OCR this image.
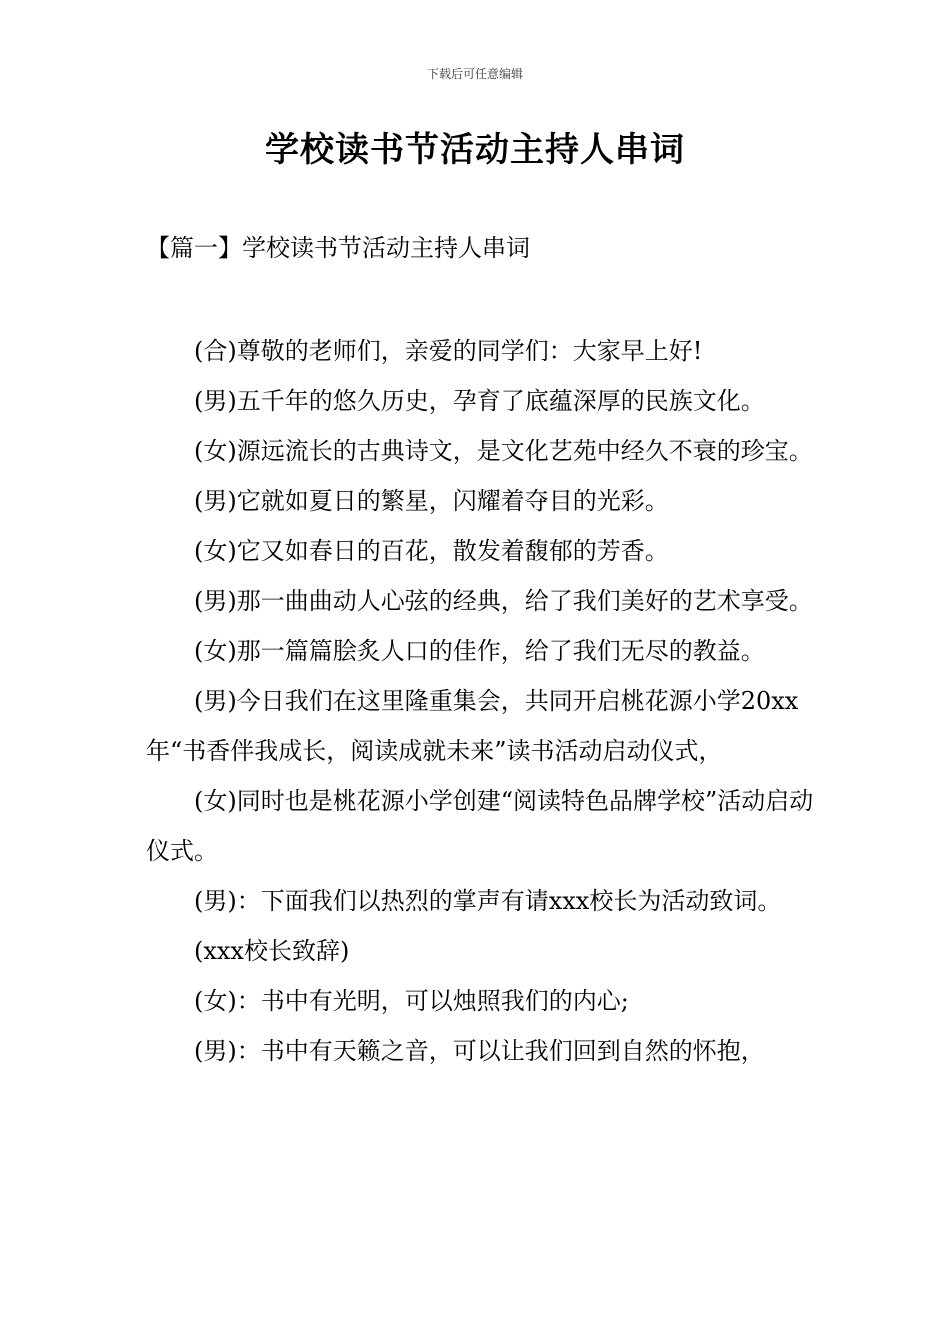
下载后可任意编辑
学校读书节活动主持人串词
【篇一】学校读书节活动主持人串词

(合)尊敬的老师们，亲爱的同学们：大家早上好!

(男)五千年的悠久历史，孕育了底蕴深厚的民族文化。

(女)源远流长的古典诗文，是文化艺苑中经久不衰的珍宝。

(男)它就如夏日的繁星，闪耀着夺目的光彩。

(女)它又如春日的百花，散发着馥郁的芳香。

(男)那一曲曲动人心弦的经典，给了我们美好的艺术享受。

(女)那一篇篇脍炙人口的佳作，给了我们无尽的教益。

(男)今日我们在这里隆重集会，共同开启桃花源小学20xx年“书香伴我成长，阅读成就未来”读书活动启动仪式，

(女)同时也是桃花源小学创建“阅读特色品牌学校”活动启动仪式。

(男)：下面我们以热烈的掌声有请xxx校长为活动致词。

(xxx校长致辞)

(女)：书中有光明，可以烛照我们的内心;

(男)：书中有天籁之音，可以让我们回到自然的怀抱，
